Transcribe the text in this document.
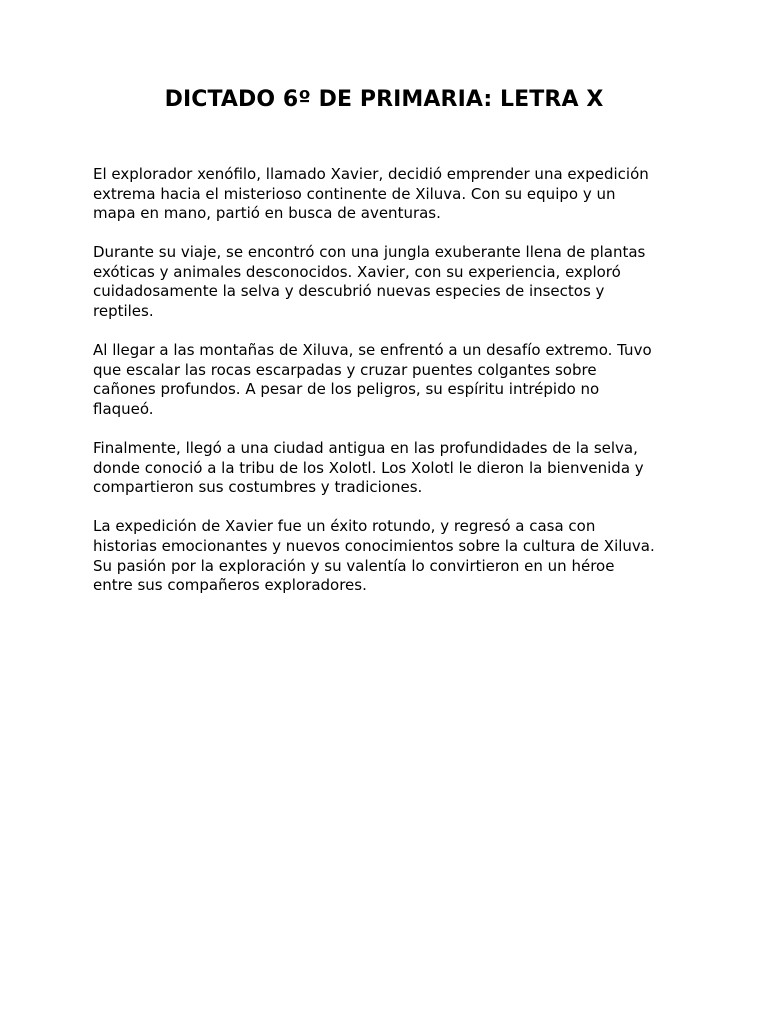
DICTADO 6º DE PRIMARIA: LETRA X

El explorador xenófilo, llamado Xavier, decidió emprender una expedición
extrema hacia el misterioso continente de Xiluva. Con su equipo y un
mapa en mano, partió en busca de aventuras.

Durante su viaje, se encontró con una jungla exuberante llena de plantas
exóticas y animales desconocidos. Xavier, con su experiencia, exploró
cuidadosamente la selva y descubrió nuevas especies de insectos y
reptiles.

Al llegar a las montañas de Xiluva, se enfrentó a un desafío extremo. Tuvo
que escalar las rocas escarpadas y cruzar puentes colgantes sobre
cañones profundos. A pesar de los peligros, su espíritu intrépido no
flaqueó.

Finalmente, llegó a una ciudad antigua en las profundidades de la selva,
donde conoció a la tribu de los Xolotl. Los Xolotl le dieron la bienvenida y
compartieron sus costumbres y tradiciones.

La expedición de Xavier fue un éxito rotundo, y regresó a casa con
historias emocionantes y nuevos conocimientos sobre la cultura de Xiluva.
Su pasión por la exploración y su valentía lo convirtieron en un héroe
entre sus compañeros exploradores.
